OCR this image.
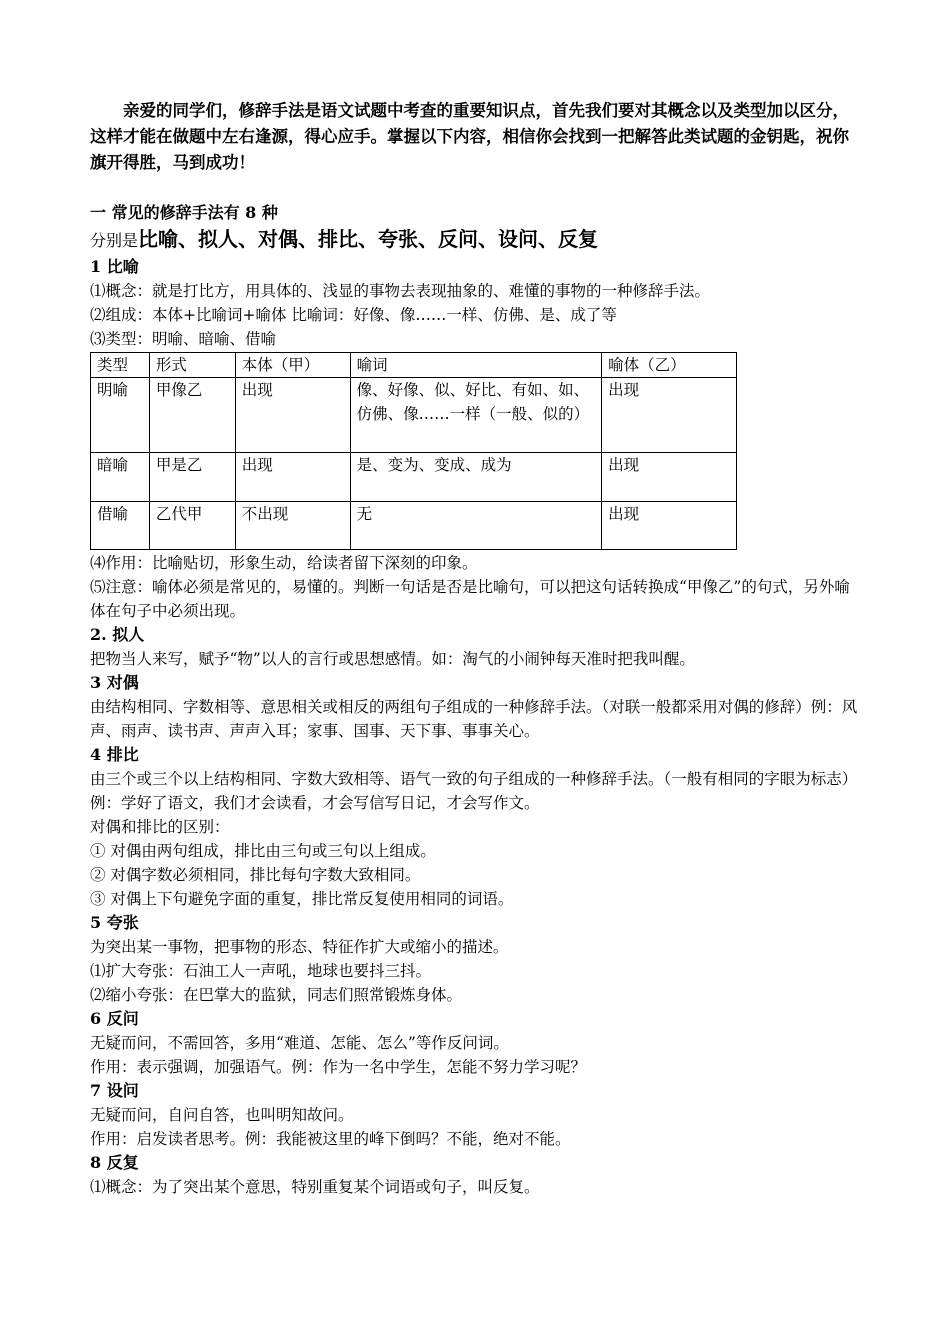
亲爱的同学们，修辞手法是语文试题中考查的重要知识点，首先我们要对其概念以及类型加以区分，这样才能在做题中左右逢源，得心应手。掌握以下内容，相信你会找到一把解答此类试题的金钥匙，祝你旗开得胜，马到成功！

一 常见的修辞手法有 8 种
分别是比喻、拟人、对偶、排比、夸张、反问、设问、反复
1 比喻

⑴概念：就是打比方，用具体的、浅显的事物去表现抽象的、难懂的事物的一种修辞手法。

⑵组成：本体+比喻词+喻体 比喻词：好像、像……一样、仿佛、是、成了等

⑶类型：明喻、暗喻、借喻

类型	形式	本体（甲）	喻词	喻体（乙）
明喻	甲像乙	出现	像、好像、似、好比、有如、如、仿佛、像……一样（一般、似的）	出现
暗喻	甲是乙	出现	是、变为、变成、成为	出现
借喻	乙代甲	不出现	无	出现

⑷作用：比喻贴切，形象生动，给读者留下深刻的印象。

⑸注意：喻体必须是常见的，易懂的。判断一句话是否是比喻句，可以把这句话转换成“甲像乙”的句式，另外喻体在句子中必须出现。

2. 拟人

把物当人来写，赋予“物”以人的言行或思想感情。如：淘气的小闹钟每天准时把我叫醒。

3 对偶

由结构相同、字数相等、意思相关或相反的两组句子组成的一种修辞手法。（对联一般都采用对偶的修辞）例：风声、雨声、读书声、声声入耳；家事、国事、天下事、事事关心。

4 排比

由三个或三个以上结构相同、字数大致相等、语气一致的句子组成的一种修辞手法。（一般有相同的字眼为标志）例：学好了语文，我们才会读看，才会写信写日记，才会写作文。

对偶和排比的区别：

① 对偶由两句组成，排比由三句或三句以上组成。

② 对偶字数必须相同，排比每句字数大致相同。

③ 对偶上下句避免字面的重复，排比常反复使用相同的词语。

5 夸张

为突出某一事物，把事物的形态、特征作扩大或缩小的描述。

⑴扩大夸张：石油工人一声吼，地球也要抖三抖。

⑵缩小夸张：在巴掌大的监狱，同志们照常锻炼身体。

6 反问

无疑而问，不需回答，多用“难道、怎能、怎么”等作反问词。

作用：表示强调，加强语气。例：作为一名中学生，怎能不努力学习呢？

7 设问

无疑而问，自问自答，也叫明知故问。

作用：启发读者思考。例：我能被这里的峰下倒吗？不能，绝对不能。

8 反复

⑴概念：为了突出某个意思，特别重复某个词语或句子，叫反复。
